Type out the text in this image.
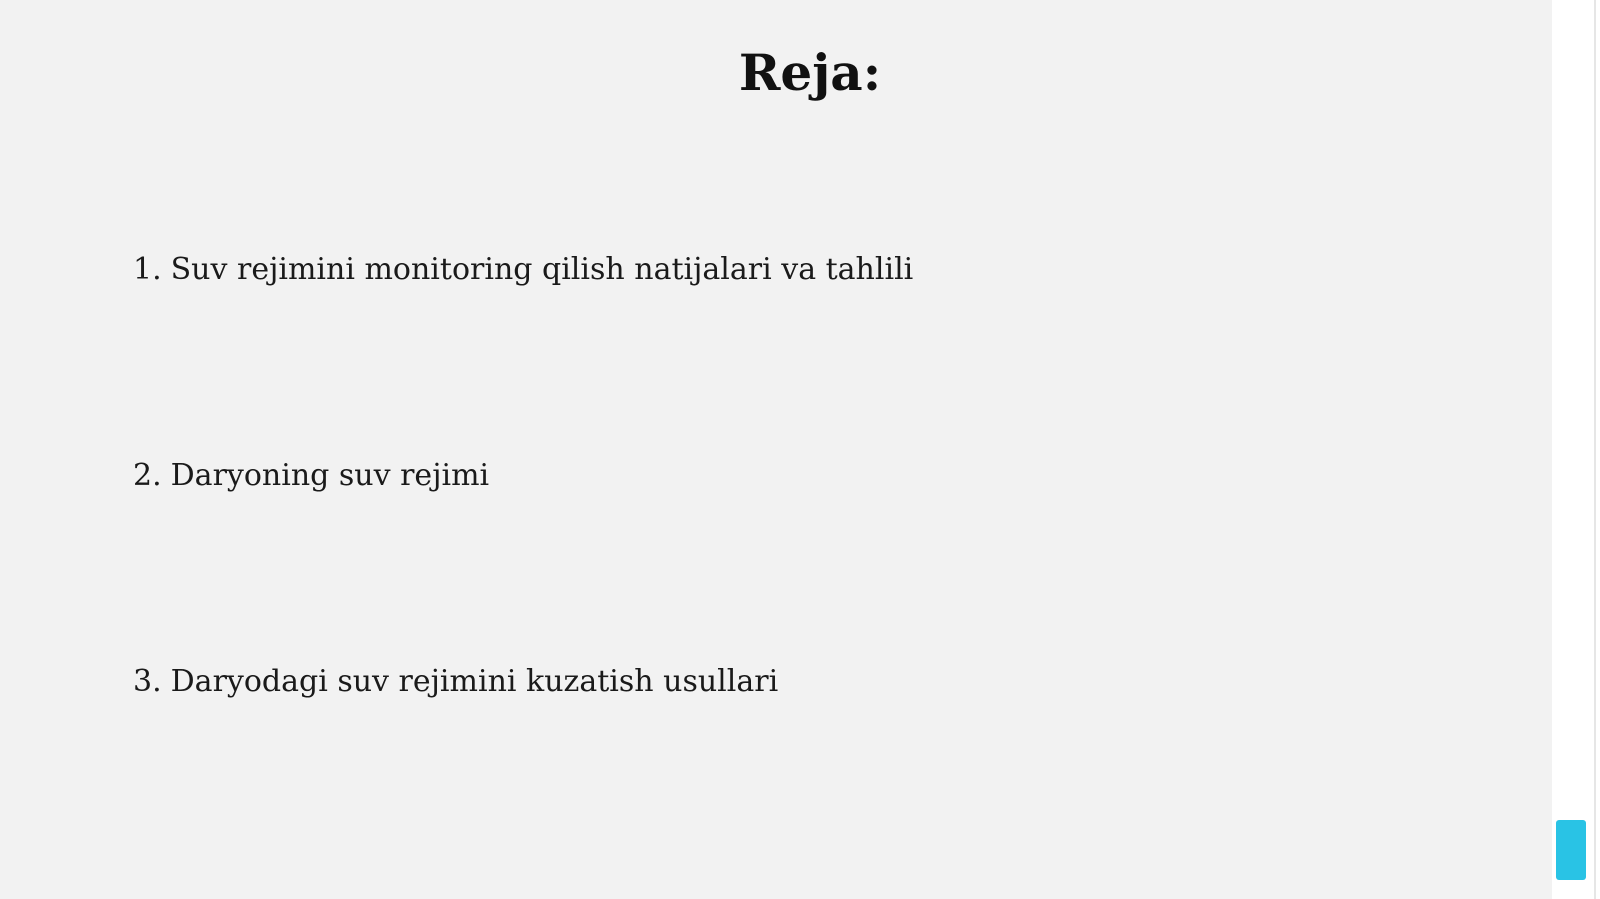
Reja:
1. Suv rejimini monitoring qilish natijalari va tahlili
2. Daryoning suv rejimi
3. Daryodagi suv rejimini kuzatish usullari
